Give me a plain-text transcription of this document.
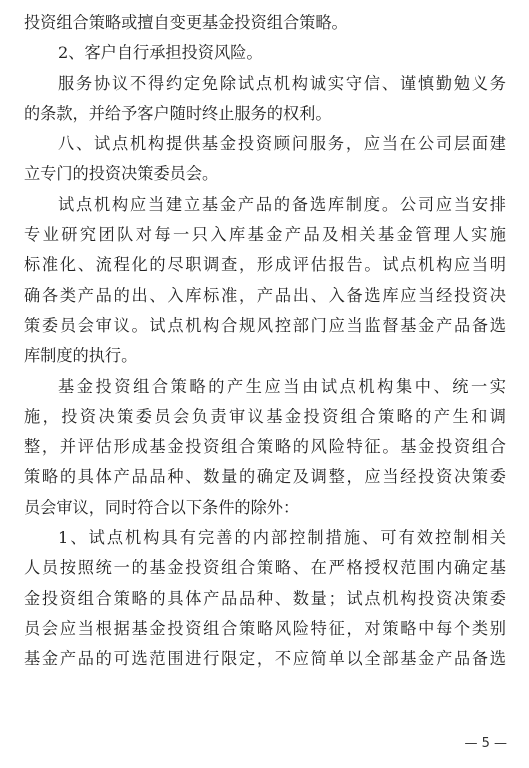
投资组合策略或擅自变更基金投资组合策略。
2、客户自行承担投资风险。
服务协议不得约定免除试点机构诚实守信、谨慎勤勉义务
的条款，并给予客户随时终止服务的权利。
八、试点机构提供基金投资顾问服务，应当在公司层面建
立专门的投资决策委员会。
试点机构应当建立基金产品的备选库制度。公司应当安排
专业研究团队对每一只入库基金产品及相关基金管理人实施
标准化、流程化的尽职调查，形成评估报告。试点机构应当明
确各类产品的出、入库标准，产品出、入备选库应当经投资决
策委员会审议。试点机构合规风控部门应当监督基金产品备选
库制度的执行。
基金投资组合策略的产生应当由试点机构集中、统一实
施，投资决策委员会负责审议基金投资组合策略的产生和调
整，并评估形成基金投资组合策略的风险特征。基金投资组合
策略的具体产品品种、数量的确定及调整，应当经投资决策委
员会审议，同时符合以下条件的除外：
1、试点机构具有完善的内部控制措施、可有效控制相关
人员按照统一的基金投资组合策略、在严格授权范围内确定基
金投资组合策略的具体产品品种、数量；试点机构投资决策委
员会应当根据基金投资组合策略风险特征，对策略中每个类别
基金产品的可选范围进行限定，不应简单以全部基金产品备选
— 5 —
